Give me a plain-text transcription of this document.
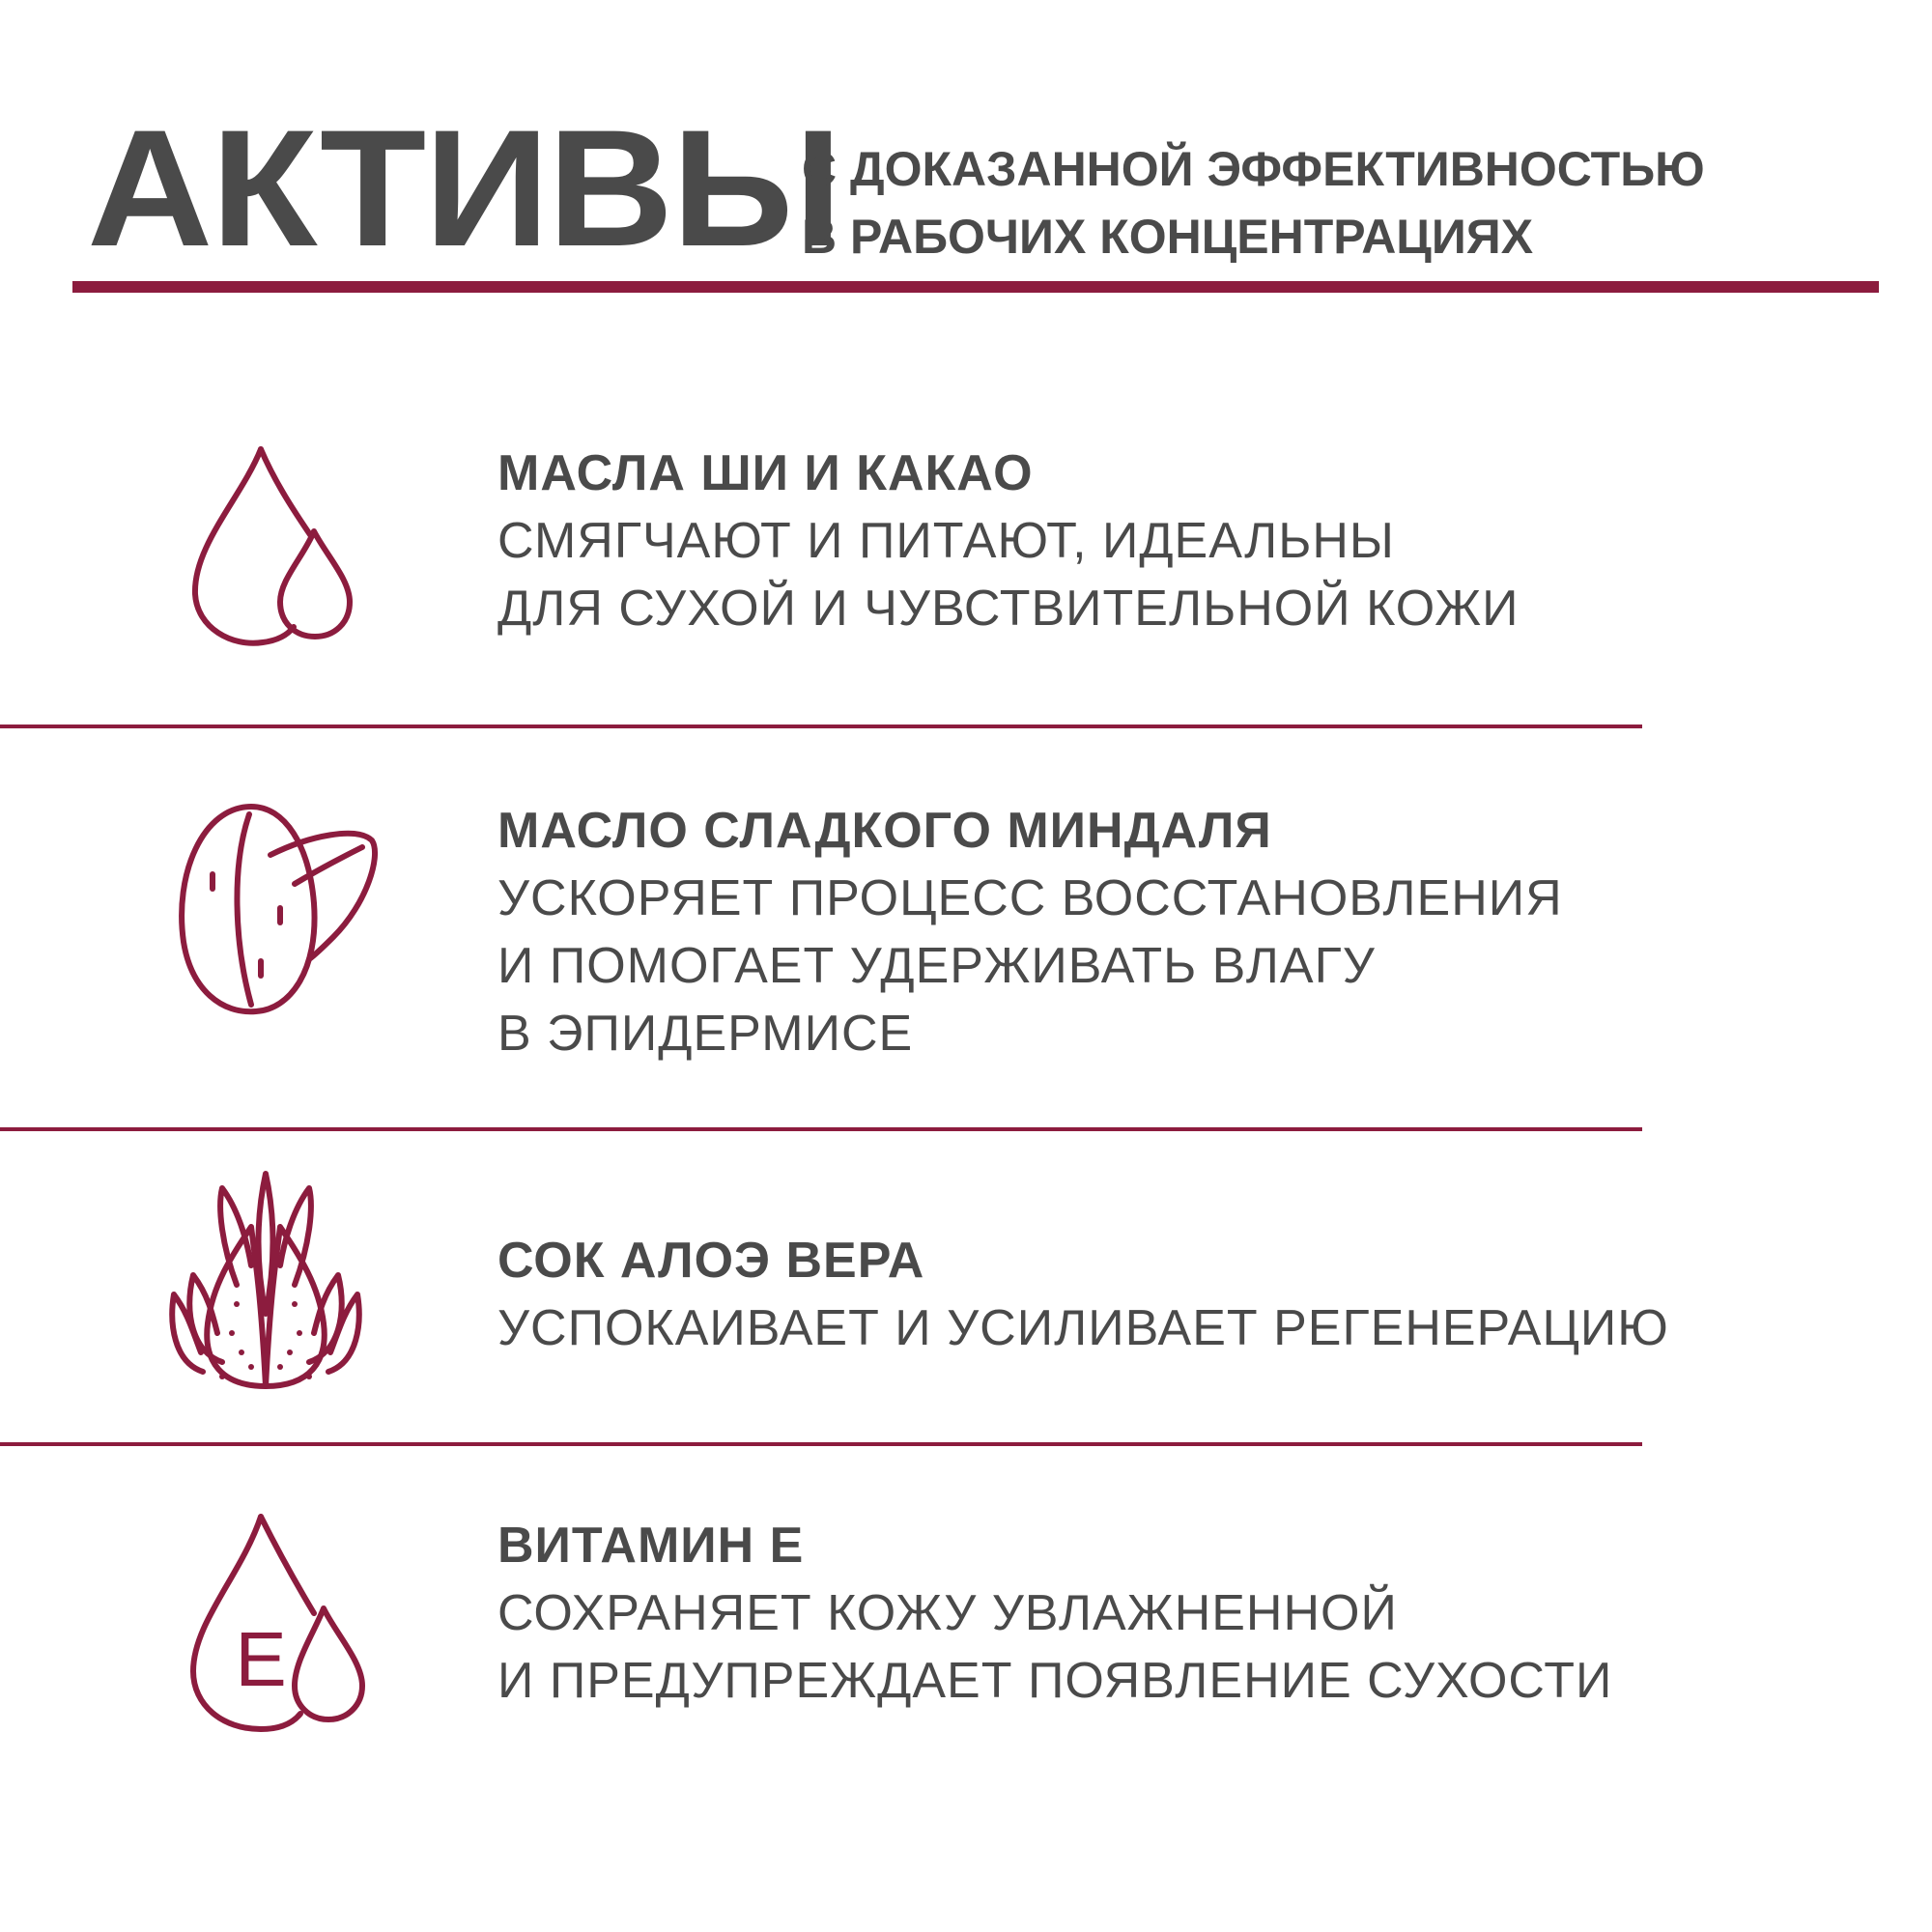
АКТИВЫ
С ДОКАЗАННОЙ ЭФФЕКТИВНОСТЬЮ
В РАБОЧИХ КОНЦЕНТРАЦИЯХ
МАСЛА ШИ И КАКАО
СМЯГЧАЮТ И ПИТАЮТ, ИДЕАЛЬНЫ
ДЛЯ СУХОЙ И ЧУВСТВИТЕЛЬНОЙ КОЖИ
МАСЛО СЛАДКОГО МИНДАЛЯ
УСКОРЯЕТ ПРОЦЕСС ВОССТАНОВЛЕНИЯ
И ПОМОГАЕТ УДЕРЖИВАТЬ ВЛАГУ
В ЭПИДЕРМИСЕ
СОК АЛОЭ ВЕРА
УСПОКАИВАЕТ И УСИЛИВАЕТ РЕГЕНЕРАЦИЮ
E
ВИТАМИН Е
СОХРАНЯЕТ КОЖУ УВЛАЖНЕННОЙ
И ПРЕДУПРЕЖДАЕТ ПОЯВЛЕНИЕ СУХОСТИ
